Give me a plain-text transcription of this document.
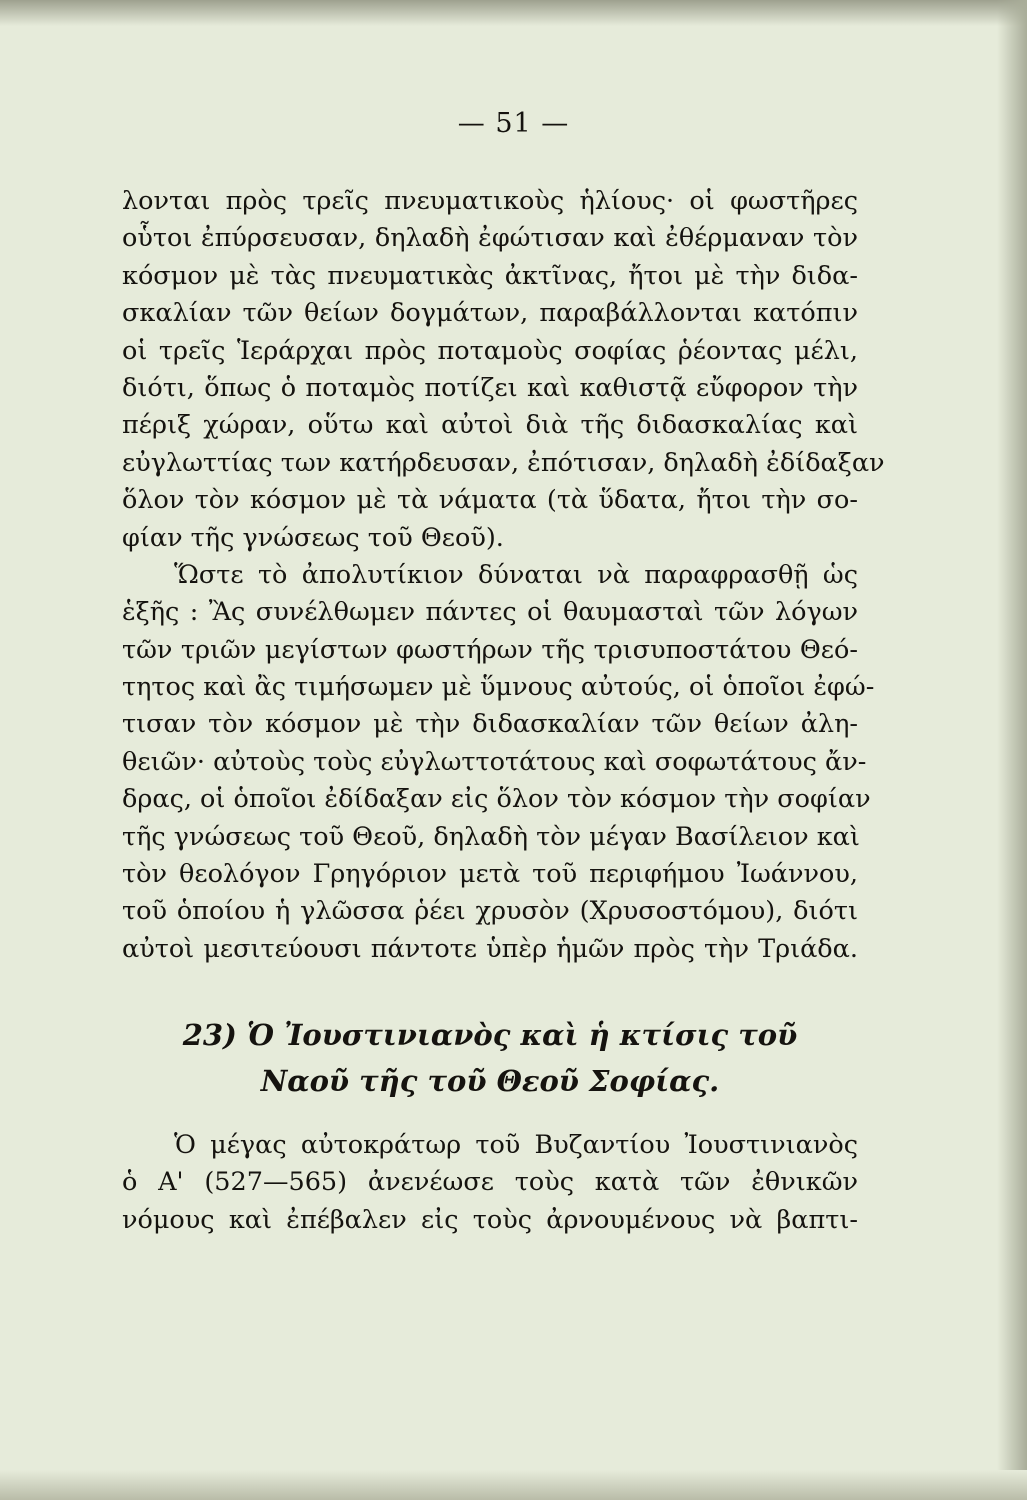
— 51 —
λονται πρὸς τρεῖς πνευματικοὺς ἡλίους· οἱ φωστῆρες
οὗτοι ἐπύρσευσαν, δηλαδὴ ἐφώτισαν καὶ ἐθέρμαναν τὸν
κόσμον μὲ τὰς πνευματικὰς ἀκτῖνας, ἤτοι μὲ τὴν διδα-
σκαλίαν τῶν θείων δογμάτων, παραβάλλονται κατόπιν
οἱ τρεῖς Ἱεράρχαι πρὸς ποταμοὺς σοφίας ῥέοντας μέλι,
διότι, ὅπως ὁ ποταμὸς ποτίζει καὶ καθιστᾷ εὔφορον τὴν
πέριξ χώραν, οὕτω καὶ αὐτοὶ διὰ τῆς διδασκαλίας καὶ
εὐγλωττίας των κατήρδευσαν, ἐπότισαν, δηλαδὴ ἐδίδαξαν
ὅλον τὸν κόσμον μὲ τὰ νάματα (τὰ ὕδατα, ἤτοι τὴν σο-
φίαν τῆς γνώσεως τοῦ Θεοῦ).
Ὥστε τὸ ἀπολυτίκιον δύναται νὰ παραφρασθῇ ὡς
ἑξῆς : Ἂς συνέλθωμεν πάντες οἱ θαυμασταὶ τῶν λόγων
τῶν τριῶν μεγίστων φωστήρων τῆς τρισυποστάτου Θεό-
τητος καὶ ἂς τιμήσωμεν μὲ ὕμνους αὐτούς, οἱ ὁποῖοι ἐφώ-
τισαν τὸν κόσμον μὲ τὴν διδασκαλίαν τῶν θείων ἀλη-
θειῶν· αὐτοὺς τοὺς εὐγλωττοτάτους καὶ σοφωτάτους ἄν-
δρας, οἱ ὁποῖοι ἐδίδαξαν εἰς ὅλον τὸν κόσμον τὴν σοφίαν
τῆς γνώσεως τοῦ Θεοῦ, δηλαδὴ τὸν μέγαν Βασίλειον καὶ
τὸν θεολόγον Γρηγόριον μετὰ τοῦ περιφήμου Ἰωάννου,
τοῦ ὁποίου ἡ γλῶσσα ῥέει χρυσὸν (Χρυσοστόμου), διότι
αὐτοὶ μεσιτεύουσι πάντοτε ὑπὲρ ἡμῶν πρὸς τὴν Τριάδα.
23) Ὁ Ἰουστινιανὸς καὶ ἡ κτίσις τοῦ
Ναοῦ τῆς τοῦ Θεοῦ Σοφίας.
Ὁ μέγας αὐτοκράτωρ τοῦ Βυζαντίου Ἰουστινιανὸς
ὁ Α' (527—565) ἀνενέωσε τοὺς κατὰ τῶν ἐθνικῶν
νόμους καὶ ἐπέβαλεν εἰς τοὺς ἀρνουμένους νὰ βαπτι-
